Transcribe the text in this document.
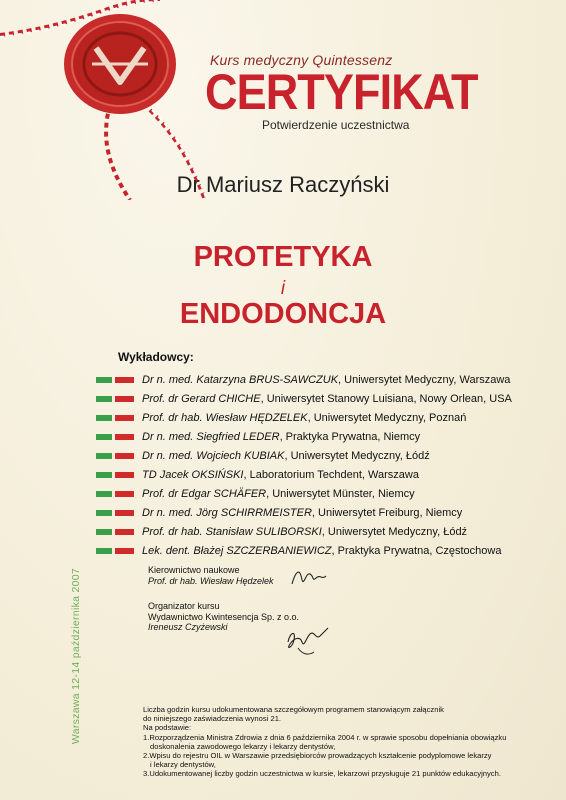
Kurs medyczny Quintessenz
CERTYFIKAT
Potwierdzenie uczestnictwa
Dr Mariusz Raczyński
PROTETYKA
i
ENDODONCJA
Wykładowcy:
Dr n. med. Katarzyna BRUS-SAWCZUK, Uniwersytet Medyczny, Warszawa
Prof. dr Gerard CHICHE, Uniwersytet Stanowy Luisiana, Nowy Orlean, USA
Prof. dr hab. Wiesław HĘDZELEK, Uniwersytet Medyczny, Poznań
Dr n. med. Siegfried LEDER, Praktyka Prywatna, Niemcy
Dr n. med. Wojciech KUBIAK, Uniwersytet Medyczny, Łódź
TD Jacek OKSIŃSKI, Laboratorium Techdent, Warszawa
Prof. dr Edgar SCHÄFER, Uniwersytet Münster, Niemcy
Dr n. med. Jörg SCHIRRMEISTER, Uniwersytet Freiburg, Niemcy
Prof. dr hab. Stanisław SULIBORSKI, Uniwersytet Medyczny, Łódź
Lek. dent. Błażej SZCZERBANIEWICZ, Praktyka Prywatna, Częstochowa
Warszawa 12-14 października 2007	Kierownictwo naukowe
Prof. dr hab. Wiesław Hędzelek
Organizator kursu
Wydawnictwo Kwintesencja Sp. z o.o.
Ireneusz Czyżewski

Liczba godzin kursu udokumentowana szczegółowym programem stanowiącym załącznik

do niniejszego zaświadczenia wynosi 21.

Na podstawie:

1.Rozporządzenia Ministra Zdrowia z dnia 6 października 2004 r. w sprawie sposobu dopełniania obowiązku

doskonalenia zawodowego lekarzy i lekarzy dentystów,

2.Wpisu do rejestru OIL w Warszawie przedsiębiorców prowadzących kształcenie podyplomowe lekarzy

i lekarzy dentystów,

3.Udokumentowanej liczby godzin uczestnictwa w kursie, lekarzowi przysługuje 21 punktów edukacyjnych.
